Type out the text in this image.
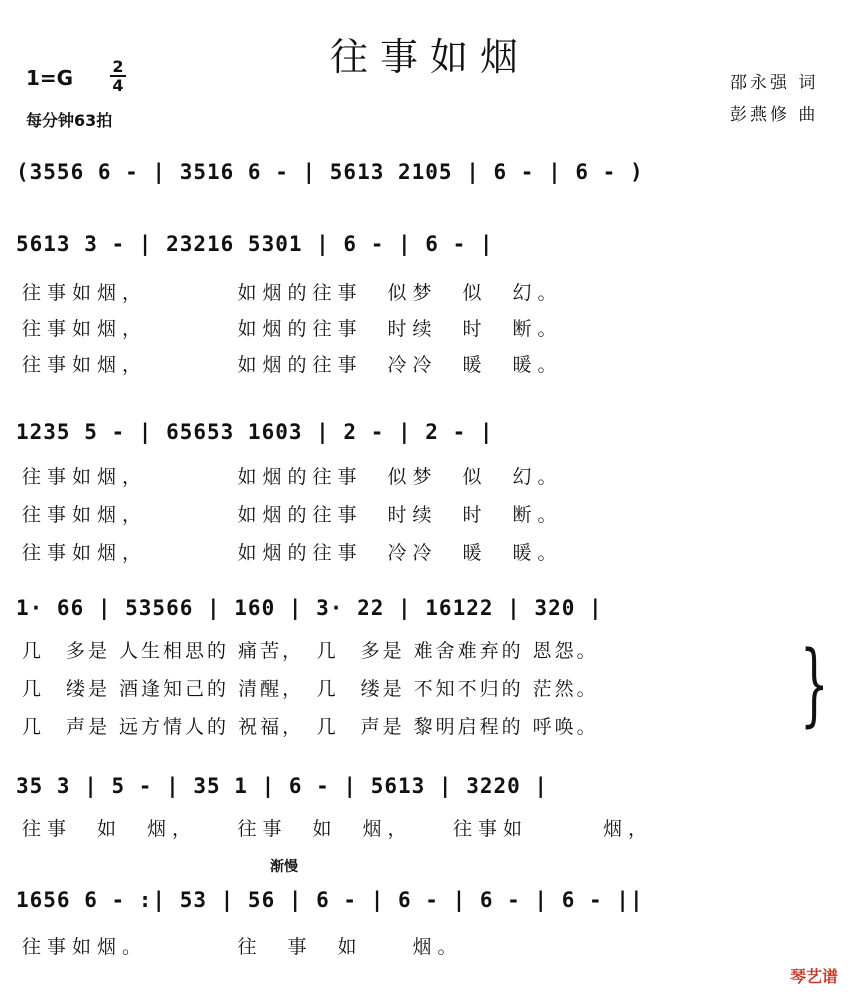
往事如烟
1=G 2
4
每分钟63拍
邵永强 词
彭燕修 曲
(3556 6 - | 3516 6 - | 5613 2105 | 6 - | 6 - )
5613 3 - | 23216 5301 | 6 - | 6 - |
往事如烟，　　　　如烟的往事　似梦　似　幻。
往事如烟，　　　　如烟的往事　时续　时　断。
往事如烟，　　　　如烟的往事　冷冷　暖　暖。
1235 5 - | 65653 1603 | 2 - | 2 - |
往事如烟，　　　　如烟的往事　似梦　似　幻。
往事如烟，　　　　如烟的往事　时续　时　断。
往事如烟，　　　　如烟的往事　冷冷　暖　暖。
1· 66 | 53566 | 160 | 3· 22 | 16122 | 320 |
几　多是 人生相思的 痛苦，　几　多是 难舍难弃的 恩怨。
几　缕是 酒逢知己的 清醒，　几　缕是 不知不归的 茫然。
几　声是 远方情人的 祝福，　几　声是 黎明启程的 呼唤。	}
35 3 | 5 - | 35 1 | 6 - | 5613 | 3220 |
往事　如　烟，　　往事　如　烟，　　往事如　　　烟，
渐慢
1656 6 - :| 53 | 56 | 6 - | 6 - | 6 - | 6 - ||
往事如烟。　　　　往　事　如　　烟。
琴艺谱
